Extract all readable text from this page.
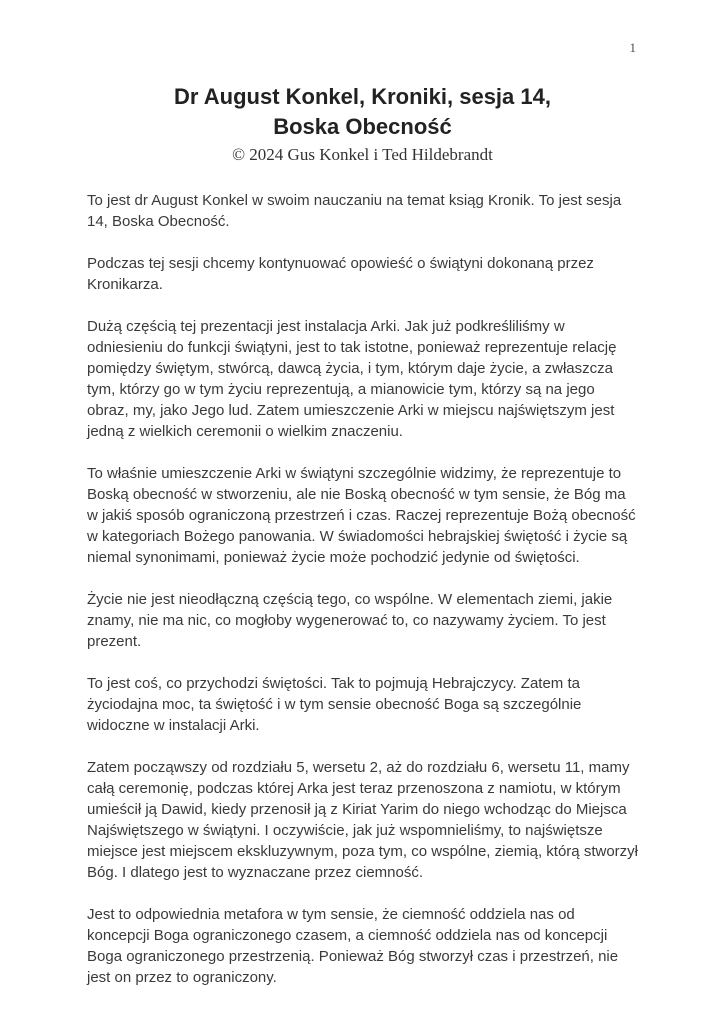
1
Dr August Konkel, Kroniki, sesja 14,
Boska Obecność

© 2024 Gus Konkel i Ted Hildebrandt

To jest dr August Konkel w swoim nauczaniu na temat ksiąg Kronik. To jest sesja 14, Boska Obecność.

Podczas tej sesji chcemy kontynuować opowieść o świątyni dokonaną przez Kronikarza.

Dużą częścią tej prezentacji jest instalacja Arki. Jak już podkreśliliśmy w odniesieniu do funkcji świątyni, jest to tak istotne, ponieważ reprezentuje relację pomiędzy świętym, stwórcą, dawcą życia, i tym, którym daje życie, a zwłaszcza tym, którzy go w tym życiu reprezentują, a mianowicie tym, którzy są na jego obraz, my, jako Jego lud. Zatem umieszczenie Arki w miejscu najświętszym jest jedną z wielkich ceremonii o wielkim znaczeniu.

To właśnie umieszczenie Arki w świątyni szczególnie widzimy, że reprezentuje to Boską obecność w stworzeniu, ale nie Boską obecność w tym sensie, że Bóg ma w jakiś sposób ograniczoną przestrzeń i czas. Raczej reprezentuje Bożą obecność w kategoriach Bożego panowania. W świadomości hebrajskiej świętość i życie są niemal synonimami, ponieważ życie może pochodzić jedynie od świętości.

Życie nie jest nieodłączną częścią tego, co wspólne. W elementach ziemi, jakie znamy, nie ma nic, co mogłoby wygenerować to, co nazywamy życiem. To jest prezent.

To jest coś, co przychodzi świętości. Tak to pojmują Hebrajczycy. Zatem ta życiodajna moc, ta świętość i w tym sensie obecność Boga są szczególnie widoczne w instalacji Arki.

Zatem począwszy od rozdziału 5, wersetu 2, aż do rozdziału 6, wersetu 11, mamy całą ceremonię, podczas której Arka jest teraz przenoszona z namiotu, w którym umieścił ją Dawid, kiedy przenosił ją z Kiriat Yarim do niego wchodząc do Miejsca Najświętszego w świątyni. I oczywiście, jak już wspomnieliśmy, to najświętsze miejsce jest miejscem ekskluzywnym, poza tym, co wspólne, ziemią, którą stworzył Bóg. I dlatego jest to wyznaczane przez ciemność.

Jest to odpowiednia metafora w tym sensie, że ciemność oddziela nas od koncepcji Boga ograniczonego czasem, a ciemność oddziela nas od koncepcji Boga ograniczonego przestrzenią. Ponieważ Bóg stworzył czas i przestrzeń, nie jest on przez to ograniczony.
